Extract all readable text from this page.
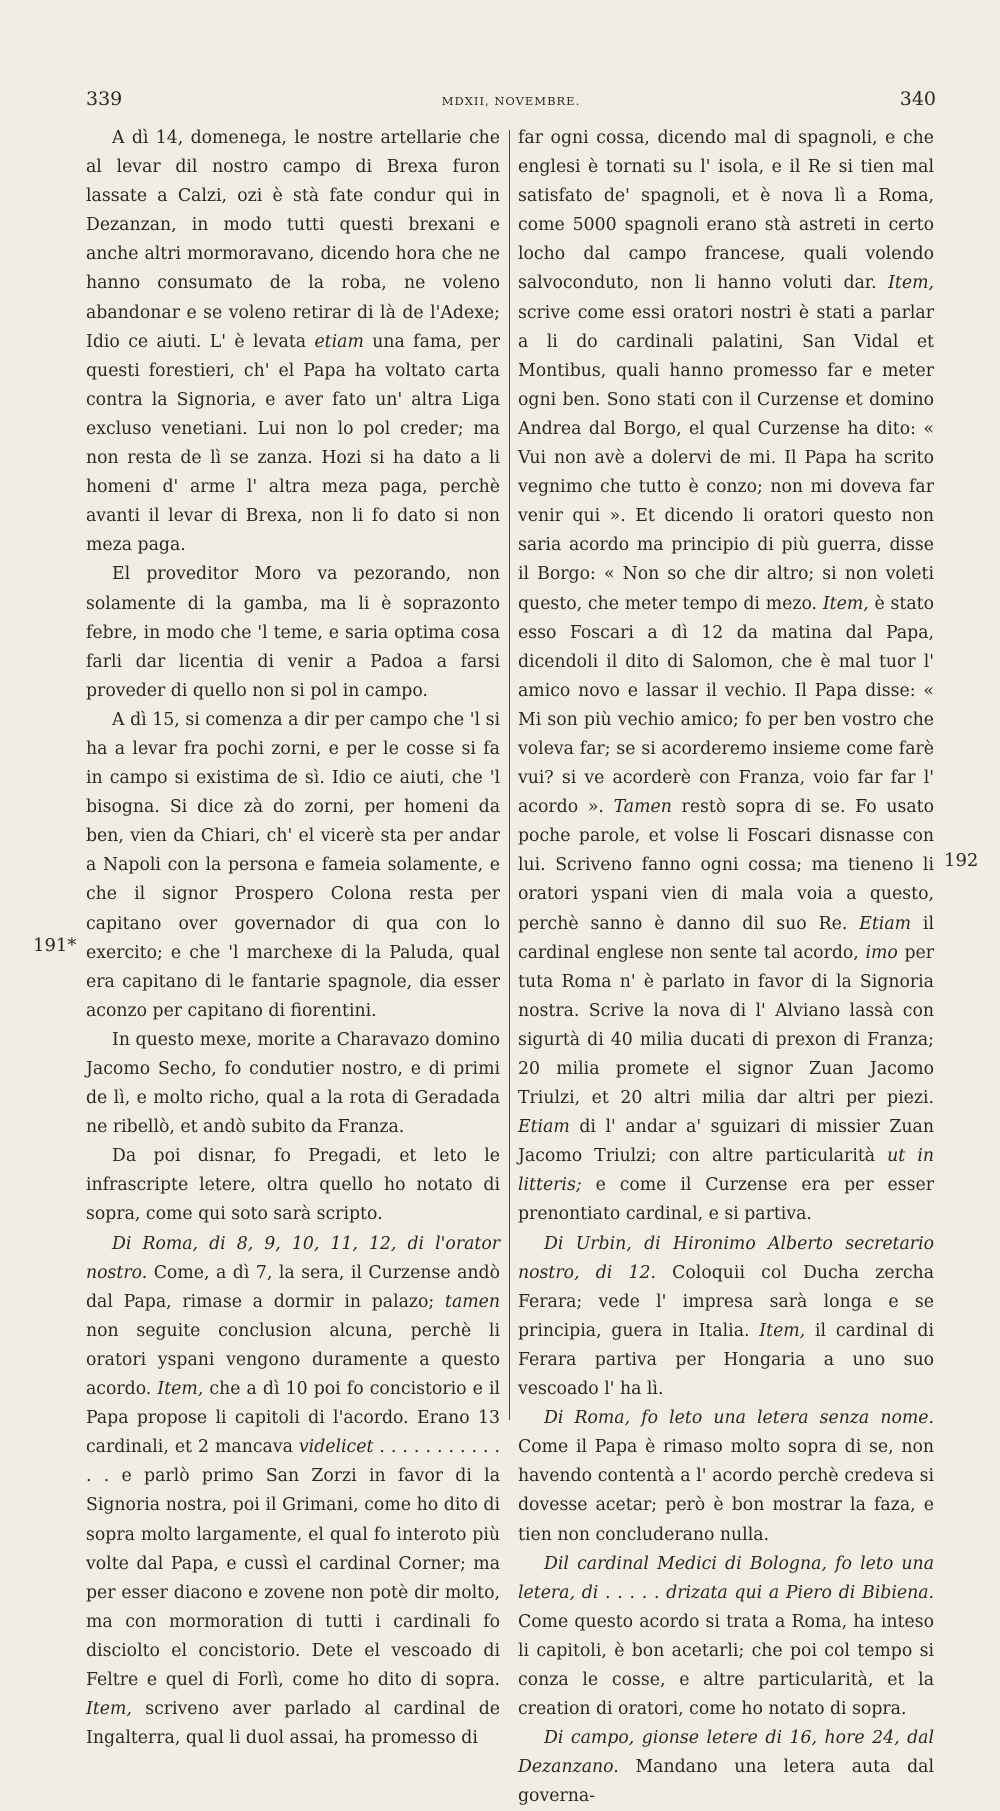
339	MDXII, NOVEMBRE.	340
191*
192

A dì 14, domenega, le nostre artellarie che al levar dil nostro campo di Brexa furon lassate a Calzi, ozi è stà fate condur qui in Dezanzan, in modo tutti questi brexani e anche altri mormoravano, dicendo hora che ne hanno consumato de la roba, ne voleno abandonar e se voleno retirar di là de l'Adexe; Idio ce aiuti. L' è levata etiam una fama, per questi forestieri, ch' el Papa ha voltato carta contra la Signoria, e aver fato un' altra Liga excluso venetiani. Lui non lo pol creder; ma non resta de lì se zanza. Hozi si ha dato a li homeni d' arme l' altra meza paga, perchè avanti il levar di Brexa, non li fo dato si non meza paga.

El proveditor Moro va pezorando, non solamente di la gamba, ma li è soprazonto febre, in modo che 'l teme, e saria optima cosa farli dar licentia di venir a Padoa a farsi proveder di quello non si pol in campo.

A dì 15, si comenza a dir per campo che 'l si ha a levar fra pochi zorni, e per le cosse si fa in campo si existima de sì. Idio ce aiuti, che 'l bisogna. Si dice zà do zorni, per homeni da ben, vien da Chiari, ch' el vicerè sta per andar a Napoli con la persona e fameia solamente, e che il signor Prospero Colona resta per capitano over governador di qua con lo exercito; e che 'l marchexe di la Paluda, qual era capitano di le fantarie spagnole, dia esser aconzo per capitano di fiorentini.

In questo mexe, morite a Charavazo domino Jacomo Secho, fo condutier nostro, e di primi de lì, e molto richo, qual a la rota di Geradada ne ribellò, et andò subito da Franza.

Da poi disnar, fo Pregadi, et leto le infrascripte letere, oltra quello ho notato di sopra, come qui soto sarà scripto.

Di Roma, di 8, 9, 10, 11, 12, di l'orator nostro. Come, a dì 7, la sera, il Curzense andò dal Papa, rimase a dormir in palazo; tamen non seguite conclusion alcuna, perchè li oratori yspani vengono duramente a questo acordo. Item, che a dì 10 poi fo concistorio e il Papa propose li capitoli di l'acordo. Erano 13 cardinali, et 2 mancava videlicet . . . . . . . . . . . . . e parlò primo San Zorzi in favor di la Signoria nostra, poi il Grimani, come ho dito di sopra molto largamente, el qual fo interoto più volte dal Papa, e cussì el cardinal Corner; ma per esser diacono e zovene non potè dir molto, ma con mormoration di tutti i cardinali fo disciolto el concistorio. Dete el vescoado di Feltre e quel di Forlì, come ho dito di sopra. Item, scriveno aver parlado al cardinal de Ingalterra, qual li duol assai, ha promesso di

far ogni cossa, dicendo mal di spagnoli, e che englesi è tornati su l' isola, e il Re si tien mal satisfato de' spagnoli, et è nova lì a Roma, come 5000 spagnoli erano stà astreti in certo locho dal campo francese, quali volendo salvoconduto, non li hanno voluti dar. Item, scrive come essi oratori nostri è stati a parlar a li do cardinali palatini, San Vidal et Montibus, quali hanno promesso far e meter ogni ben. Sono stati con il Curzense et domino Andrea dal Borgo, el qual Curzense ha dito: « Vui non avè a dolervi de mi. Il Papa ha scrito vegnimo che tutto è conzo; non mi doveva far venir qui ». Et dicendo li oratori questo non saria acordo ma principio di più guerra, disse il Borgo: « Non so che dir altro; si non voleti questo, che meter tempo di mezo. Item, è stato esso Foscari a dì 12 da matina dal Papa, dicendoli il dito di Salomon, che è mal tuor l' amico novo e lassar il vechio. Il Papa disse: « Mi son più vechio amico; fo per ben vostro che voleva far; se si acorderemo insieme come farè vui? si ve acorderè con Franza, voio far far l' acordo ». Tamen restò sopra di se. Fo usato poche parole, et volse li Foscari disnasse con lui. Scriveno fanno ogni cossa; ma tieneno li oratori yspani vien di mala voia a questo, perchè sanno è danno dil suo Re. Etiam il cardinal englese non sente tal acordo, imo per tuta Roma n' è parlato in favor di la Signoria nostra. Scrive la nova di l' Alviano lassà con sigurtà di 40 milia ducati di prexon di Franza; 20 milia promete el signor Zuan Jacomo Triulzi, et 20 altri milia dar altri per piezi. Etiam di l' andar a' sguizari di missier Zuan Jacomo Triulzi; con altre particularità ut in litteris; e come il Curzense era per esser prenontiato cardinal, e si partiva.

Di Urbin, di Hironimo Alberto secretario nostro, di 12. Coloquii col Ducha zercha Ferara; vede l' impresa sarà longa e se principia, guera in Italia. Item, il cardinal di Ferara partiva per Hongaria a uno suo vescoado l' ha lì.

Di Roma, fo leto una letera senza nome. Come il Papa è rimaso molto sopra di se, non havendo contentà a l' acordo perchè credeva si dovesse acetar; però è bon mostrar la faza, e tien non concluderano nulla.

Dil cardinal Medici di Bologna, fo leto una letera, di . . . . . drizata qui a Piero di Bibiena. Come questo acordo si trata a Roma, ha inteso li capitoli, è bon acetarli; che poi col tempo si conza le cosse, e altre particularità, et la creation di oratori, come ho notato di sopra.

Di campo, gionse letere di 16, hore 24, dal Dezanzano. Mandano una letera auta dal governa-
